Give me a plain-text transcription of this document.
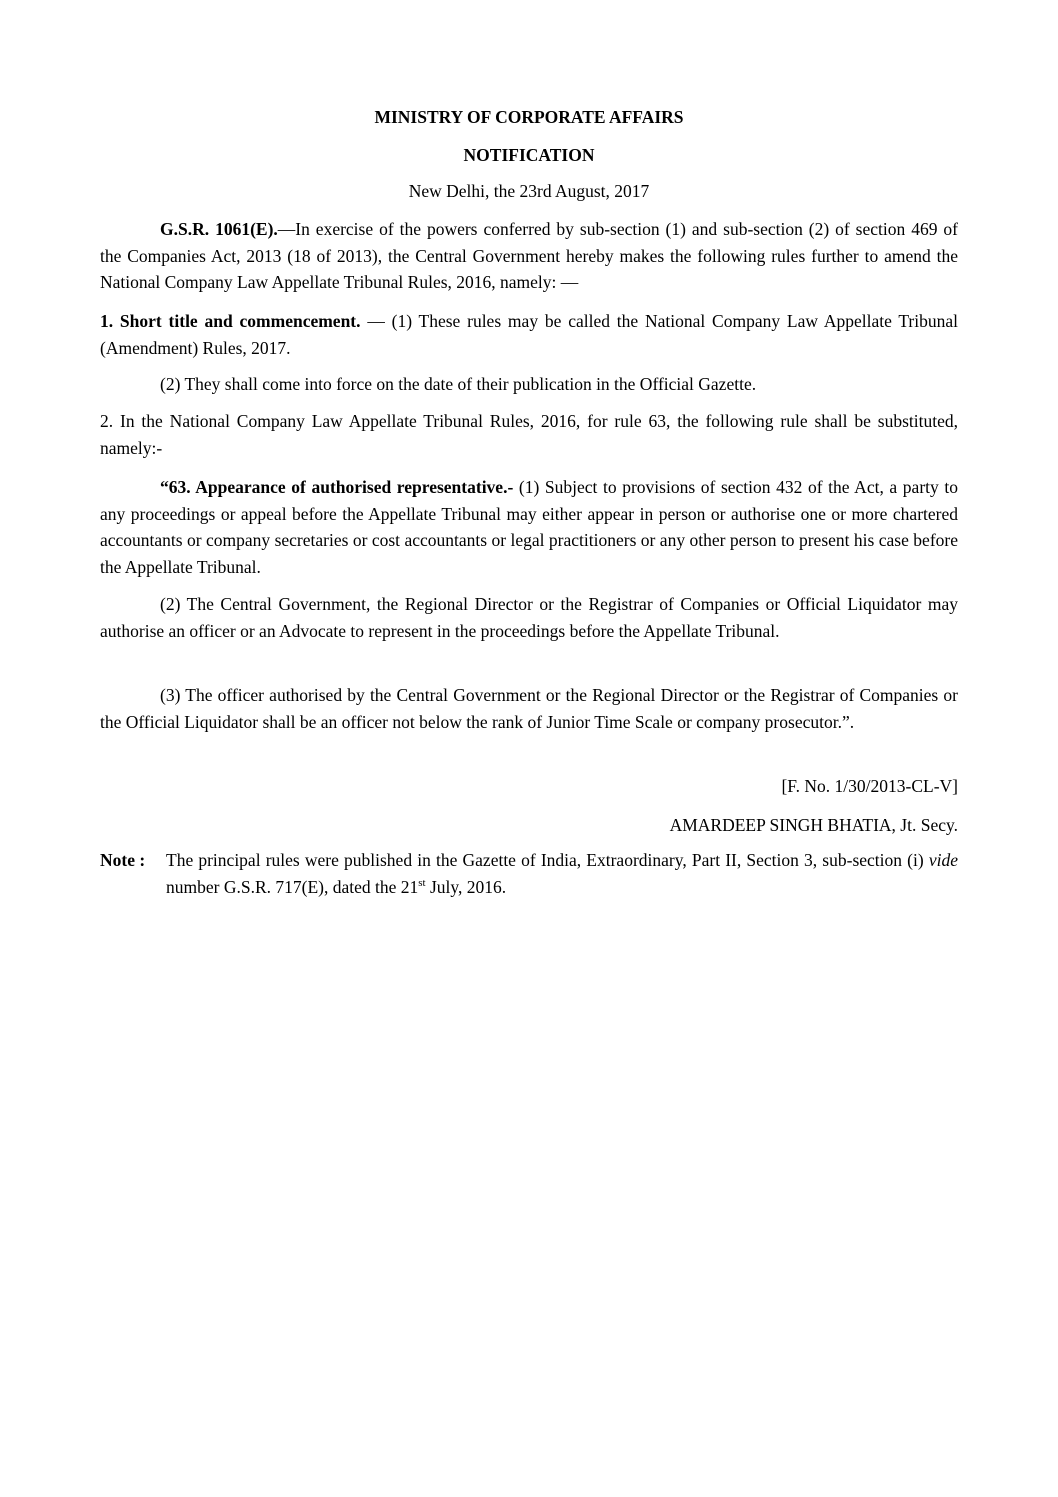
MINISTRY OF CORPORATE AFFAIRS

NOTIFICATION

New Delhi, the 23rd August, 2017

G.S.R. 1061(E).—In exercise of the powers conferred by sub-section (1) and sub-section (2) of section 469 of the Companies Act, 2013 (18 of 2013), the Central Government hereby makes the following rules further to amend the National Company Law Appellate Tribunal Rules, 2016, namely: —

1. Short title and commencement. — (1) These rules may be called the National Company Law Appellate Tribunal (Amendment) Rules, 2017.

(2) They shall come into force on the date of their publication in the Official Gazette.

2. In the National Company Law Appellate Tribunal Rules, 2016, for rule 63, the following rule shall be substituted, namely:-

“63. Appearance of authorised representative.- (1) Subject to provisions of section 432 of the Act, a party to any proceedings or appeal before the Appellate Tribunal may either appear in person or authorise one or more chartered accountants or company secretaries or cost accountants or legal practitioners or any other person to present his case before the Appellate Tribunal.

(2) The Central Government, the Regional Director or the Registrar of Companies or Official Liquidator may authorise an officer or an Advocate to represent in the proceedings before the Appellate Tribunal.

(3) The officer authorised by the Central Government or the Regional Director or the Registrar of Companies or the Official Liquidator shall be an officer not below the rank of Junior Time Scale or company prosecutor.”.

[F. No. 1/30/2013-CL-V]

AMARDEEP SINGH BHATIA, Jt. Secy.

Note : The principal rules were published in the Gazette of India, Extraordinary, Part II, Section 3, sub-section (i) vide number G.S.R. 717(E), dated the 21st July, 2016.
